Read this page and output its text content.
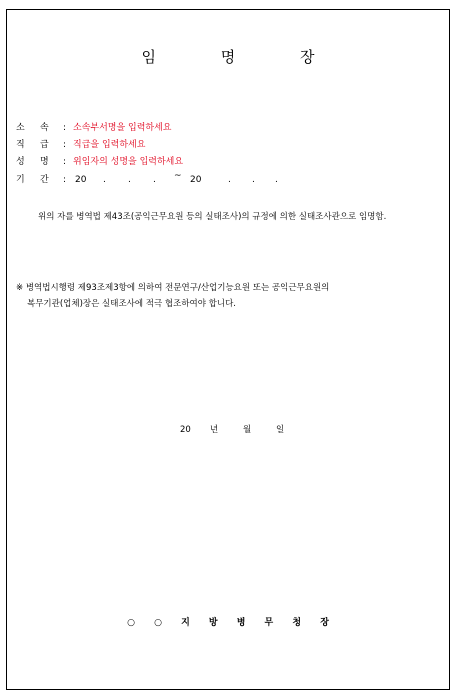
임 명 장
소 속 : 소속부서명을 입력하세요
직 급 : 직급을 입력하세요
성 명 : 위임자의 성명을 입력하세요
기 간 : 20 . . . ~ 20	. . .
위의 자를 병역법 제43조(공익근무요원 등의 실태조사)의 규정에 의한 실태조사관으로 임명함.
※ 병역법시행령 제93조제3항에 의하여 전문연구/산업기능요원 또는 공익근무요원의
복무기관(업체)장은 실태조사에 적극 협조하여야 합니다.
20 년	월	일
○ ○ 지 방 병 무 청 장
